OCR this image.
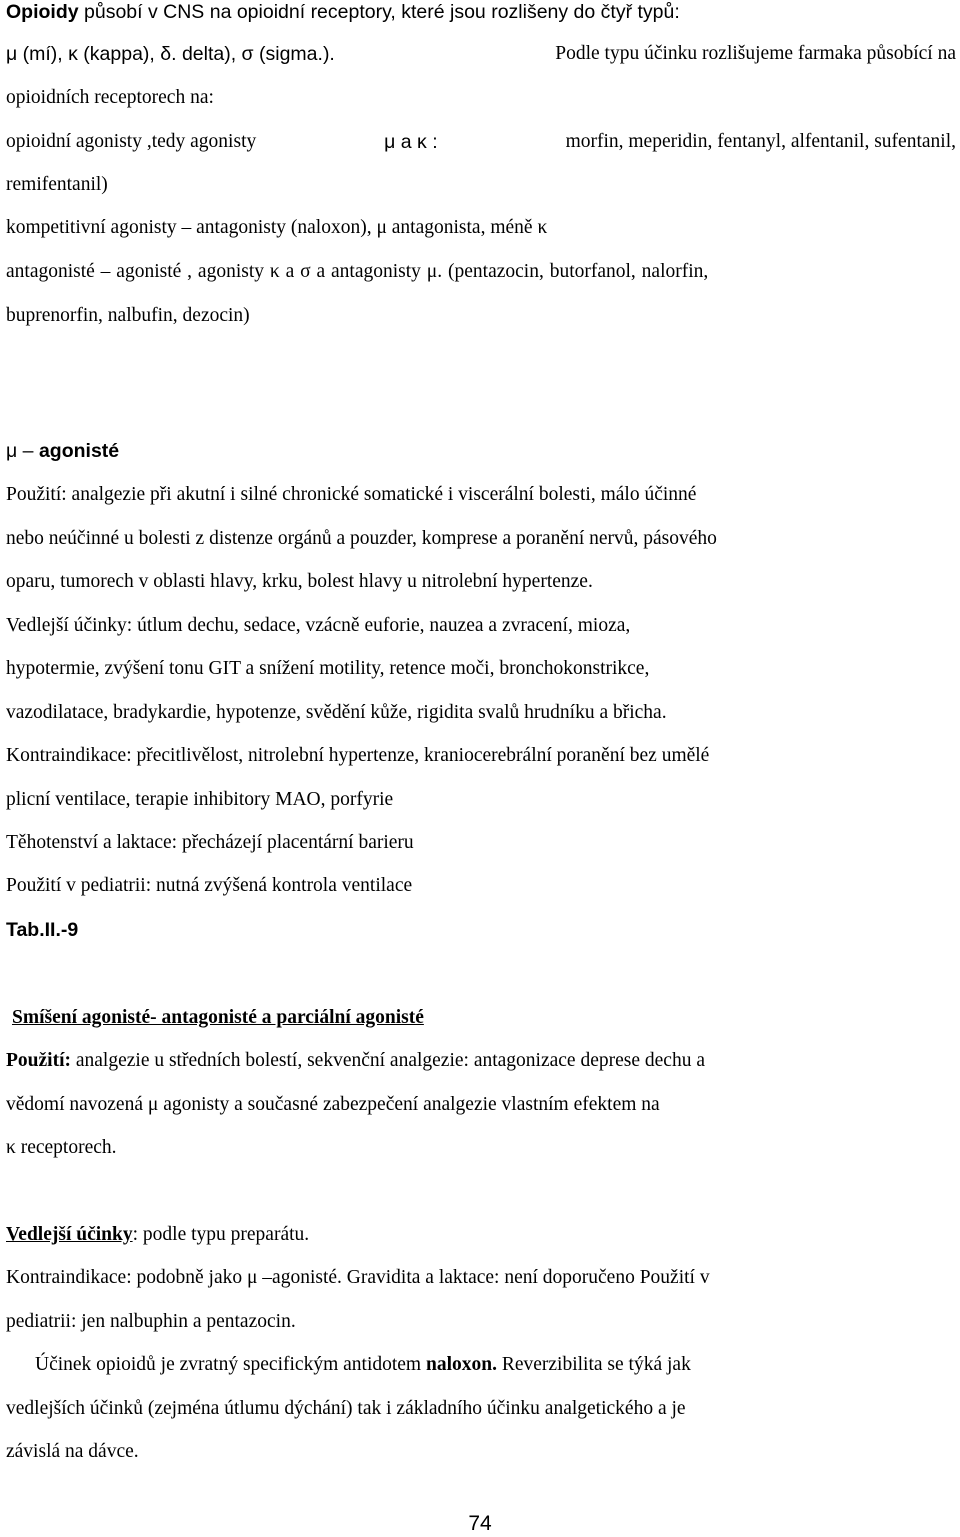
Opioidy působí v CNS na opioidní receptory, které jsou rozlišeny do čtyř typů:
μ (mí), κ (kappa), δ. delta), σ (sigma.).	Podle typu účinku rozlišujeme farmaka působící na
opioidních receptorech na:
opioidní agonisty ,tedy agonisty	μ a κ :	morfin, meperidin, fentanyl, alfentanil, sufentanil,
remifentanil)
kompetitivní agonisty – antagonisty (naloxon), μ antagonista, méně κ
antagonisté – agonisté , agonisty κ a σ a antagonisty μ. (pentazocin, butorfanol, nalorfin,
buprenorfin, nalbufin, dezocin)
μ – agonisté
Použití: analgezie při akutní i silné chronické somatické i viscerální bolesti, málo účinné
nebo neúčinné u bolesti z distenze orgánů a pouzder, komprese a poranění nervů, pásového
oparu, tumorech v oblasti hlavy, krku, bolest hlavy u nitrolební hypertenze.
Vedlejší účinky: útlum dechu, sedace, vzácně euforie, nauzea a zvracení, mioza,
hypotermie, zvýšení tonu GIT a snížení motility, retence moči, bronchokonstrikce,
vazodilatace, bradykardie, hypotenze, svědění kůže, rigidita svalů hrudníku a břicha.
Kontraindikace: přecitlivělost, nitrolební hypertenze, kraniocerebrální poranění bez umělé
plicní ventilace, terapie inhibitory MAO, porfyrie
Těhotenství a laktace: přecházejí placentární barieru
Použití v pediatrii: nutná zvýšená kontrola ventilace
Tab.II.-9
Smíšení agonisté- antagonisté a parciální agonisté
Použití: analgezie u středních bolestí, sekvenční analgezie: antagonizace deprese dechu a
vědomí navozená μ agonisty a současné zabezpečení analgezie vlastním efektem na
κ receptorech.
Vedlejší účinky: podle typu preparátu.
Kontraindikace: podobně jako μ –agonisté. Gravidita a laktace: není doporučeno Použití v
pediatrii: jen nalbuphin a pentazocin.
Účinek opioidů je zvratný specifickým antidotem naloxon. Reverzibilita se týká jak
vedlejších účinků (zejména útlumu dýchání) tak i základního účinku analgetického a je
závislá na dávce.
74
